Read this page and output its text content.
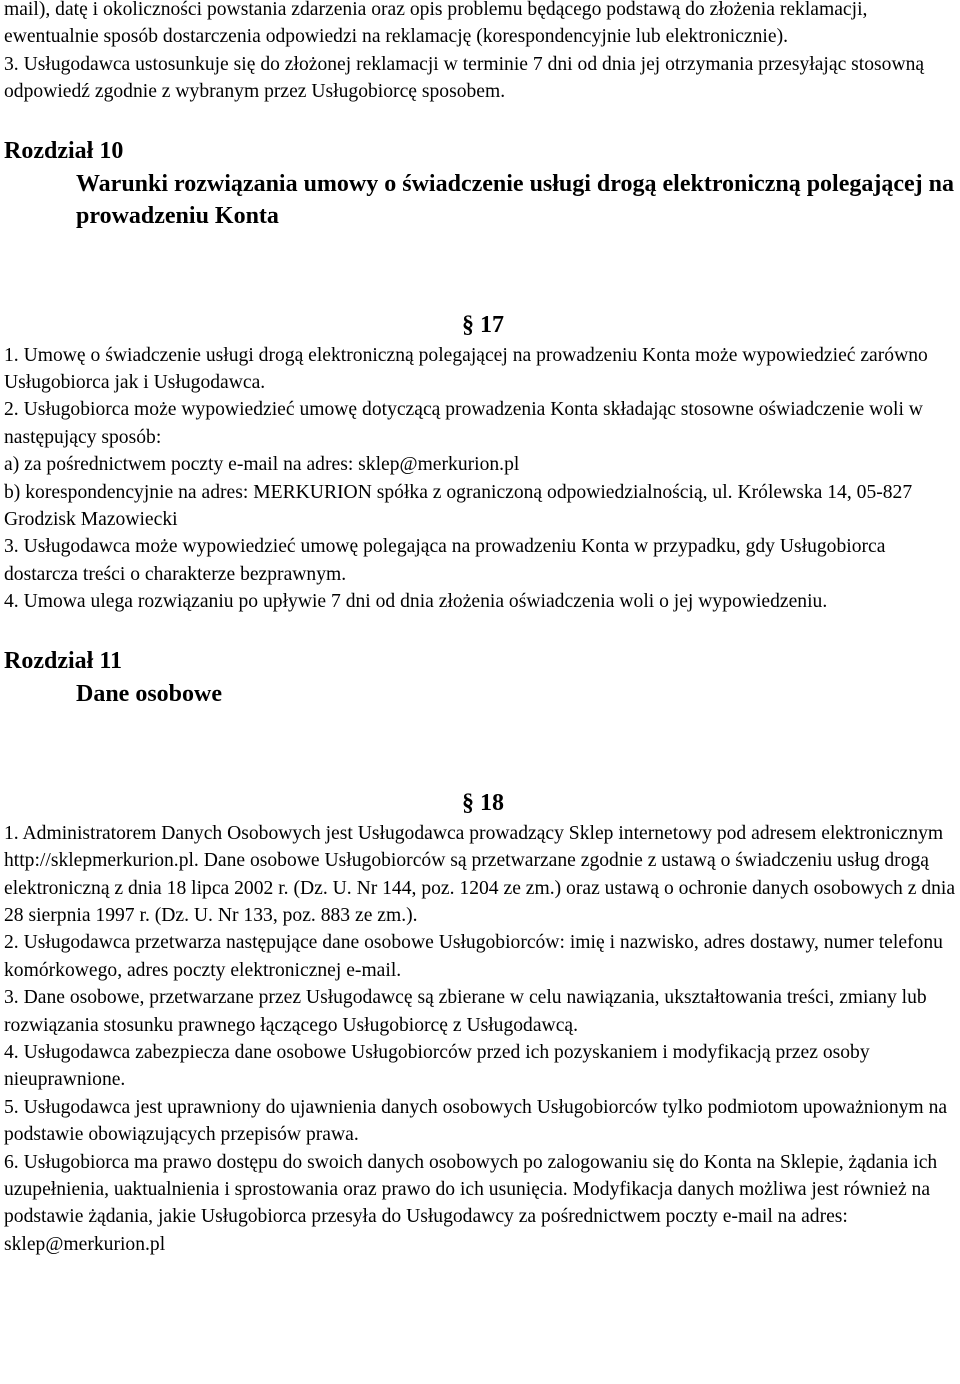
mail), datę i okoliczności powstania zdarzenia oraz opis problemu będącego podstawą do złożenia reklamacji, ewentualnie sposób dostarczenia odpowiedzi na reklamację (korespondencyjnie lub elektronicznie).

3. Usługodawca ustosunkuje się do złożonej reklamacji w terminie 7 dni od dnia jej otrzymania przesyłając stosowną odpowiedź zgodnie z wybranym przez Usługobiorcę sposobem.

Rozdział 10
Warunki rozwiązania umowy o świadczenie usługi drogą elektroniczną polegającej na prowadzeniu Konta
§ 17

1. Umowę o świadczenie usługi drogą elektroniczną polegającej na prowadzeniu Konta może wypowiedzieć zarówno Usługobiorca jak i Usługodawca.

2. Usługobiorca może wypowiedzieć umowę dotyczącą prowadzenia Konta składając stosowne oświadczenie woli w następujący sposób:

a) za pośrednictwem poczty e-mail na adres: sklep@merkurion.pl

b) korespondencyjnie na adres: MERKURION spółka z ograniczoną odpowiedzialnością, ul. Królewska 14, 05-827 Grodzisk Mazowiecki

3. Usługodawca może wypowiedzieć umowę polegająca na prowadzeniu Konta w przypadku, gdy Usługobiorca dostarcza treści o charakterze bezprawnym.

4. Umowa ulega rozwiązaniu po upływie 7 dni od dnia złożenia oświadczenia woli o jej wypowiedzeniu.

Rozdział 11
Dane osobowe
§ 18

1. Administratorem Danych Osobowych jest Usługodawca prowadzący Sklep internetowy pod adresem elektronicznym http://sklepmerkurion.pl. Dane osobowe Usługobiorców są przetwarzane zgodnie z ustawą o świadczeniu usług drogą elektroniczną z dnia 18 lipca 2002 r. (Dz. U. Nr 144, poz. 1204 ze zm.) oraz ustawą o ochronie danych osobowych z dnia 28 sierpnia 1997 r. (Dz. U. Nr 133, poz. 883 ze zm.).

2. Usługodawca przetwarza następujące dane osobowe Usługobiorców: imię i nazwisko, adres dostawy, numer telefonu komórkowego, adres poczty elektronicznej e-mail.

3. Dane osobowe, przetwarzane przez Usługodawcę są zbierane w celu nawiązania, ukształtowania treści, zmiany lub rozwiązania stosunku prawnego łączącego Usługobiorcę z Usługodawcą.

4. Usługodawca zabezpiecza dane osobowe Usługobiorców przed ich pozyskaniem i modyfikacją przez osoby nieuprawnione.

5. Usługodawca jest uprawniony do ujawnienia danych osobowych Usługobiorców tylko podmiotom upoważnionym na podstawie obowiązujących przepisów prawa.

6. Usługobiorca ma prawo dostępu do swoich danych osobowych po zalogowaniu się do Konta na Sklepie, żądania ich uzupełnienia, uaktualnienia i sprostowania oraz prawo do ich usunięcia. Modyfikacja danych możliwa jest również na podstawie żądania, jakie Usługobiorca przesyła do Usługodawcy za pośrednictwem poczty e-mail na adres: sklep@merkurion.pl
